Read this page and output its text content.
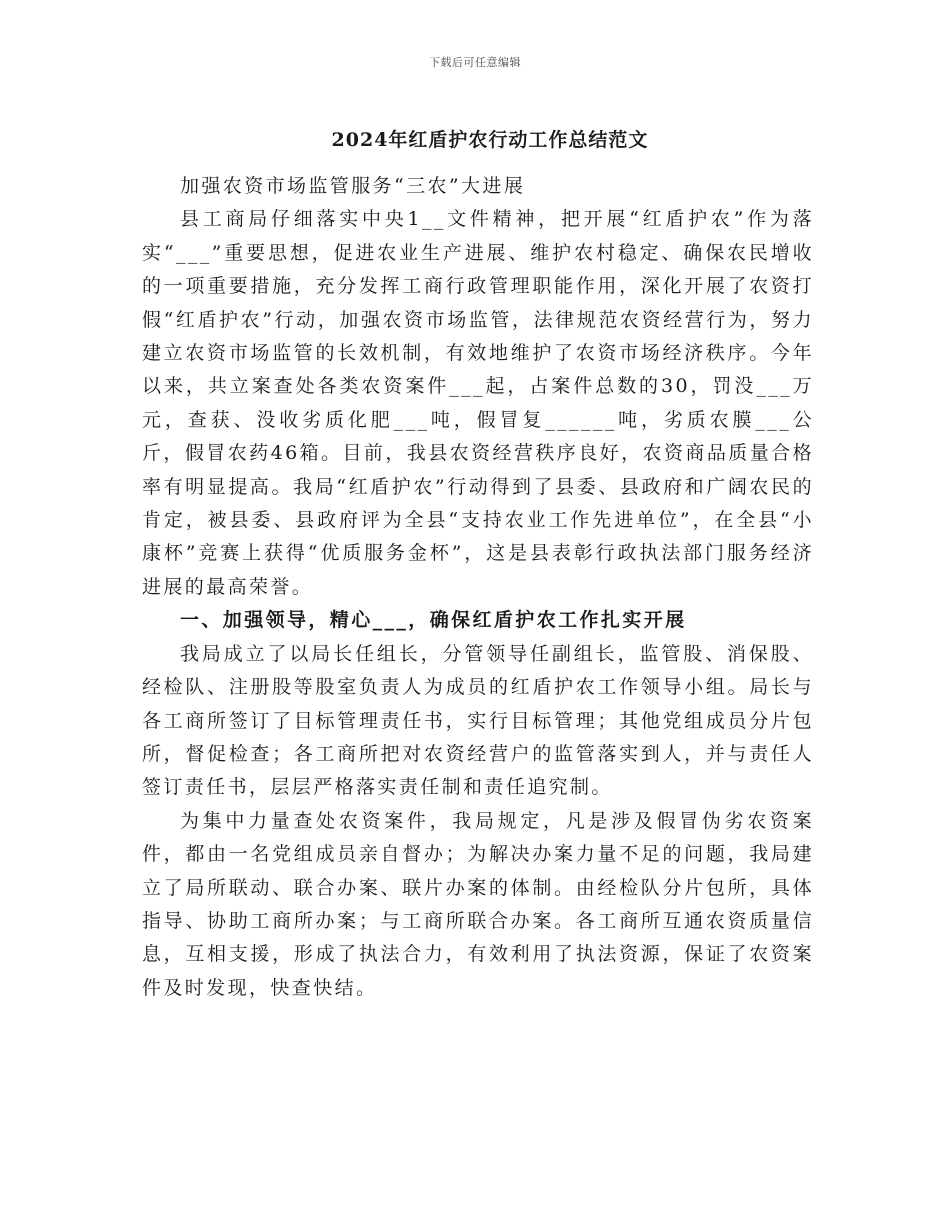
下载后可任意编辑
2024年红盾护农行动工作总结范文

加强农资市场监管服务“三农”大进展

县工商局仔细落实中央1__文件精神，把开展“红盾护农”作为落实“___”重要思想，促进农业生产进展、维护农村稳定、确保农民增收的一项重要措施，充分发挥工商行政管理职能作用，深化开展了农资打假“红盾护农”行动，加强农资市场监管，法律规范农资经营行为，努力建立农资市场监管的长效机制，有效地维护了农资市场经济秩序。今年以来，共立案查处各类农资案件___起，占案件总数的30，罚没___万元，查获、没收劣质化肥___吨，假冒复______吨，劣质农膜___公斤，假冒农药46箱。目前，我县农资经营秩序良好，农资商品质量合格率有明显提高。我局“红盾护农”行动得到了县委、县政府和广阔农民的肯定，被县委、县政府评为全县“支持农业工作先进单位”，在全县“小康杯”竞赛上获得“优质服务金杯”，这是县表彰行政执法部门服务经济进展的最高荣誉。

一、加强领导，精心___，确保红盾护农工作扎实开展

我局成立了以局长任组长，分管领导任副组长，监管股、消保股、经检队、注册股等股室负责人为成员的红盾护农工作领导小组。局长与各工商所签订了目标管理责任书，实行目标管理；其他党组成员分片包所，督促检查；各工商所把对农资经营户的监管落实到人，并与责任人签订责任书，层层严格落实责任制和责任追究制。

为集中力量查处农资案件，我局规定，凡是涉及假冒伪劣农资案件，都由一名党组成员亲自督办；为解决办案力量不足的问题，我局建立了局所联动、联合办案、联片办案的体制。由经检队分片包所，具体指导、协助工商所办案；与工商所联合办案。各工商所互通农资质量信息，互相支援，形成了执法合力，有效利用了执法资源，保证了农资案件及时发现，快查快结。
